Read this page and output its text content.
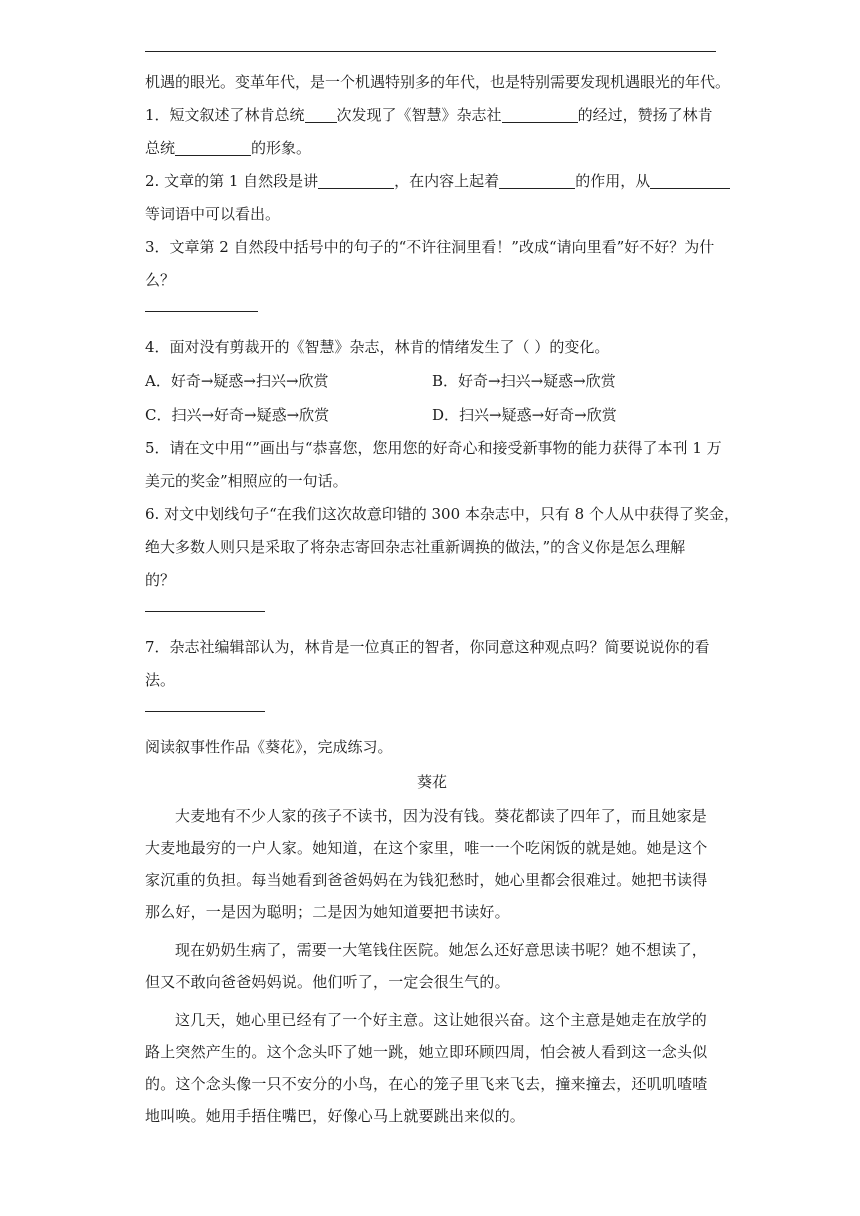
机遇的眼光。变革年代，是一个机遇特别多的年代，也是特别需要发现机遇眼光的年代。
1．短文叙述了林肯总统 次发现了《智慧》杂志社	的经过，赞扬了林肯
总统	的形象。
2. 文章的第 1 自然段是讲	，在内容上起着	的作用，从
等词语中可以看出。
3．文章第 2 自然段中括号中的句子的“不许往洞里看！”改成“请向里看”好不好？为什
么？
4．面对没有剪裁开的《智慧》杂志，林肯的情绪发生了（ ）的变化。
A．好奇→疑惑→扫兴→欣赏	B．好奇→扫兴→疑惑→欣赏
C．扫兴→好奇→疑惑→欣赏	D．扫兴→疑惑→好奇→欣赏
5．请在文中用“”画出与“恭喜您，您用您的好奇心和接受新事物的能力获得了本刊 1 万
美元的奖金”相照应的一句话。
6. 对文中划线句子“在我们这次故意印错的 300 本杂志中，只有 8 个人从中获得了奖金，
绝大多数人则只是采取了将杂志寄回杂志社重新调换的做法，”的含义你是怎么理解
的？
7．杂志社编辑部认为，林肯是一位真正的智者，你同意这种观点吗？简要说说你的看
法。
阅读叙事性作品《葵花》，完成练习。
葵花

大麦地有不少人家的孩子不读书，因为没有钱。葵花都读了四年了，而且她家是大麦地最穷的一户人家。她知道，在这个家里，唯一一个吃闲饭的就是她。她是这个家沉重的负担。每当她看到爸爸妈妈在为钱犯愁时，她心里都会很难过。她把书读得那么好，一是因为聪明；二是因为她知道要把书读好。

现在奶奶生病了，需要一大笔钱住医院。她怎么还好意思读书呢？她不想读了，但又不敢向爸爸妈妈说。他们听了，一定会很生气的。

这几天，她心里已经有了一个好主意。这让她很兴奋。这个主意是她走在放学的路上突然产生的。这个念头吓了她一跳，她立即环顾四周，怕会被人看到这一念头似的。这个念头像一只不安分的小鸟，在心的笼子里飞来飞去，撞来撞去，还叽叽喳喳地叫唤。她用手捂住嘴巴，好像心马上就要跳出来似的。
